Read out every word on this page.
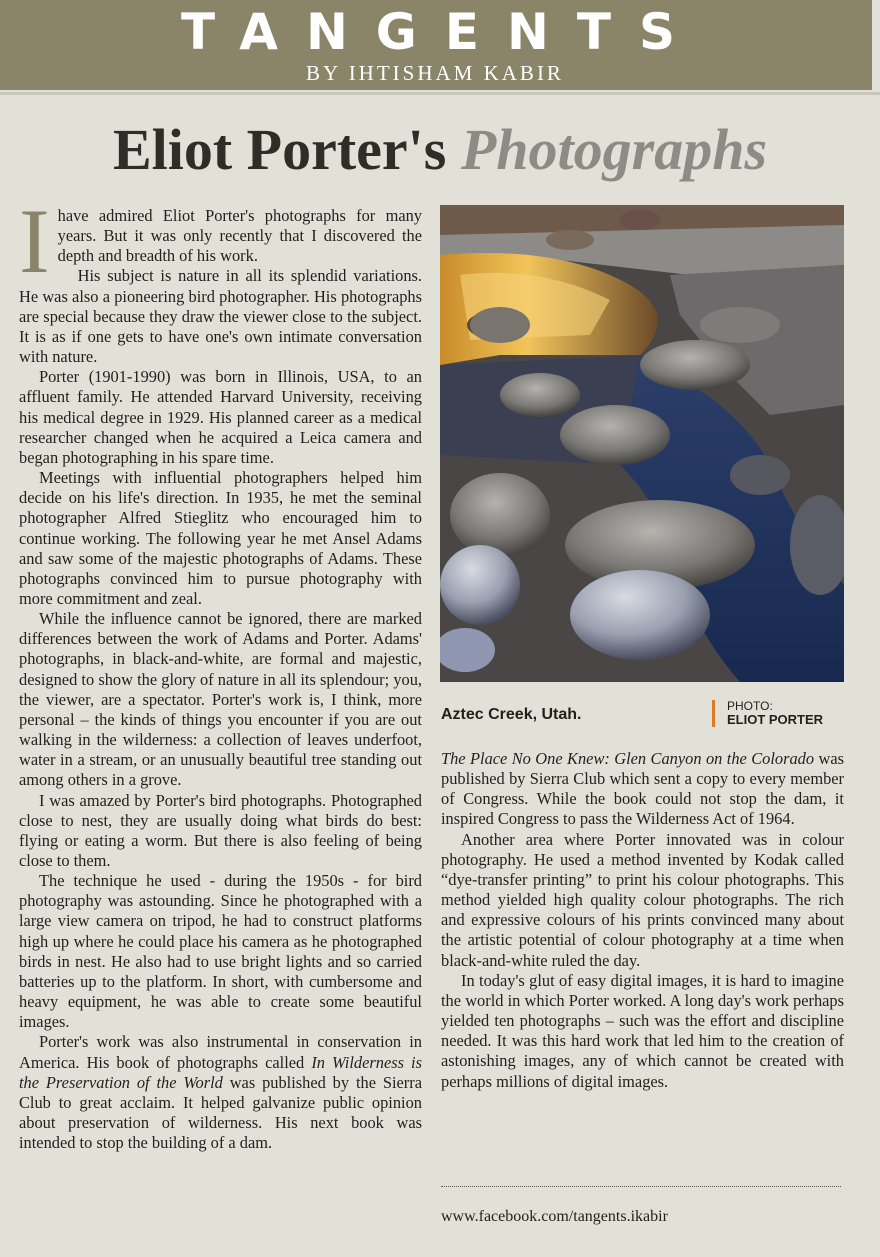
TANGENTS
BY IHTISHAM KABIR
Eliot Porter's Photographs

Ihave admired Eliot Porter's photographs for many years. But it was only recently that I discovered the depth and breadth of his work.

His subject is nature in all its splendid variations. He was also a pioneering bird photographer. His photographs are special because they draw the viewer close to the subject. It is as if one gets to have one's own intimate conversation with nature.

Porter (1901-1990) was born in Illinois, USA, to an affluent family. He attended Harvard University, receiving his medical degree in 1929. His planned career as a medical researcher changed when he acquired a Leica camera and began photographing in his spare time.

Meetings with influential photographers helped him decide on his life's direction. In 1935, he met the seminal photographer Alfred Stieglitz who encouraged him to continue working. The following year he met Ansel Adams and saw some of the majestic photographs of Adams. These photographs convinced him to pursue photography with more commitment and zeal.

While the influence cannot be ignored, there are marked differences between the work of Adams and Porter. Adams' photographs, in black-and-white, are formal and majestic, designed to show the glory of nature in all its splendour; you, the viewer, are a spectator. Porter's work is, I think, more personal – the kinds of things you encounter if you are out walking in the wilderness: a collection of leaves underfoot, water in a stream, or an unusually beautiful tree standing out among others in a grove.

I was amazed by Porter's bird photographs. Photographed close to nest, they are usually doing what birds do best: flying or eating a worm. But there is also feeling of being close to them.

The technique he used - during the 1950s - for bird photography was astounding. Since he photographed with a large view camera on tripod, he had to construct platforms high up where he could place his camera as he photographed birds in nest. He also had to use bright lights and so carried batteries up to the platform. In short, with cumbersome and heavy equipment, he was able to create some beautiful images.

Porter's work was also instrumental in conservation in America. His book of photographs called In Wilderness is the Preservation of the World was published by the Sierra Club to great acclaim. It helped galvanize public opinion about preservation of wilderness. His next book was intended to stop the building of a dam.

Aztec Creek, Utah.	PHOTO:
ELIOT PORTER

The Place No One Knew: Glen Canyon on the Colorado was published by Sierra Club which sent a copy to every member of Congress. While the book could not stop the dam, it inspired Congress to pass the Wilderness Act of 1964.

Another area where Porter innovated was in colour photography. He used a method invented by Kodak called “dye-transfer printing” to print his colour photographs. This method yielded high quality colour photographs. The rich and expressive colours of his prints convinced many about the artistic potential of colour photography at a time when black-and-white ruled the day.

In today's glut of easy digital images, it is hard to imagine the world in which Porter worked. A long day's work perhaps yielded ten photographs – such was the effort and discipline needed. It was this hard work that led him to the creation of astonishing images, any of which cannot be created with perhaps millions of digital images.

www.facebook.com/tangents.ikabir
